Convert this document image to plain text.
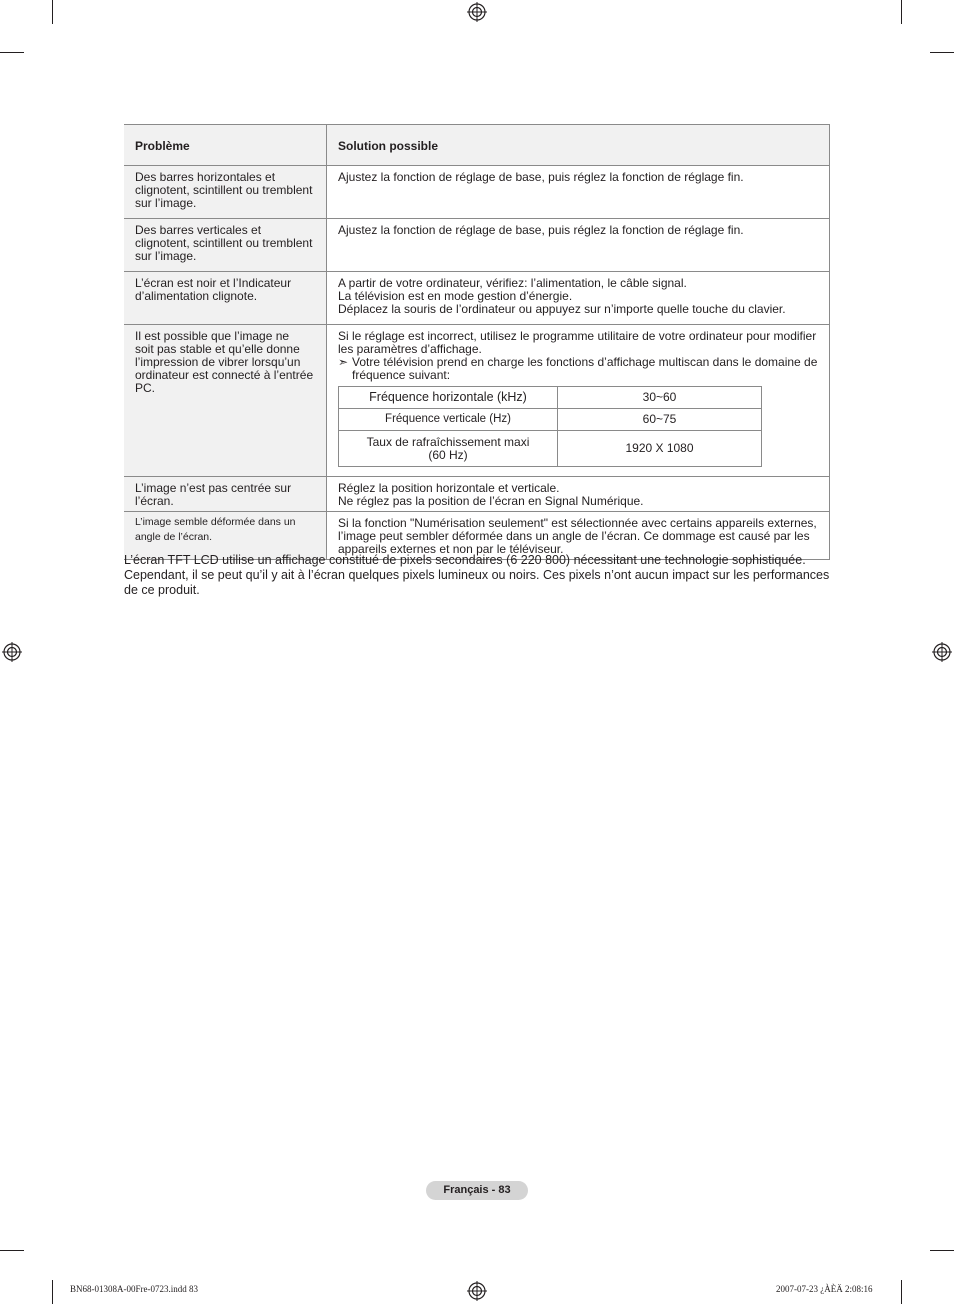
Problème	Solution possible
Des barres horizontales et
clignotent, scintillent ou tremblent
sur l’image.	Ajustez la fonction de réglage de base, puis réglez la fonction de réglage fin.
Des barres verticales et
clignotent, scintillent ou tremblent
sur l’image.	Ajustez la fonction de réglage de base, puis réglez la fonction de réglage fin.
L’écran est noir et l’Indicateur
d’alimentation clignote.	A partir de votre ordinateur, vérifiez: l’alimentation, le câble signal.
La télévision est en mode gestion d’énergie.
Déplacez la souris de l’ordinateur ou appuyez sur n’importe quelle touche du clavier.
Il est possible que l’image ne
soit pas stable et qu’elle donne
l’impression de vibrer lorsqu’un
ordinateur est connecté à l’entrée
PC.	Si le réglage est incorrect, utilisez le programme utilitaire de votre ordinateur pour modifier
les paramètres d’affichage.
➣ Votre télévision prend en charge les fonctions d’affichage multiscan dans le domaine de
fréquence suivant:
Fréquence horizontale (kHz)	30~60
Fréquence verticale (Hz)	60~75
Taux de rafraîchissement maxi (60 Hz)	1920 X 1080

L’image n’est pas centrée sur
l’écran.	Réglez la position horizontale et verticale.
Ne réglez pas la position de l’écran en Signal Numérique.
L’image semble déformée dans un
angle de l’écran.	Si la fonction "Numérisation seulement" est sélectionnée avec certains appareils externes,
l’image peut sembler déformée dans un angle de l’écran. Ce dommage est causé par les
appareils externes et non par le téléviseur.
L’écran TFT LCD utilise un affichage constitué de pixels secondaires (6 220 800) nécessitant une technologie sophistiquée. Cependant, il se peut qu’il y ait à l’écran quelques pixels lumineux ou noirs. Ces pixels n’ont aucun impact sur les performances de ce produit.
Français - 83
BN68-01308A-00Fre-0723.indd 83	2007-07-23 ¿ÀÈÄ 2:08:16
